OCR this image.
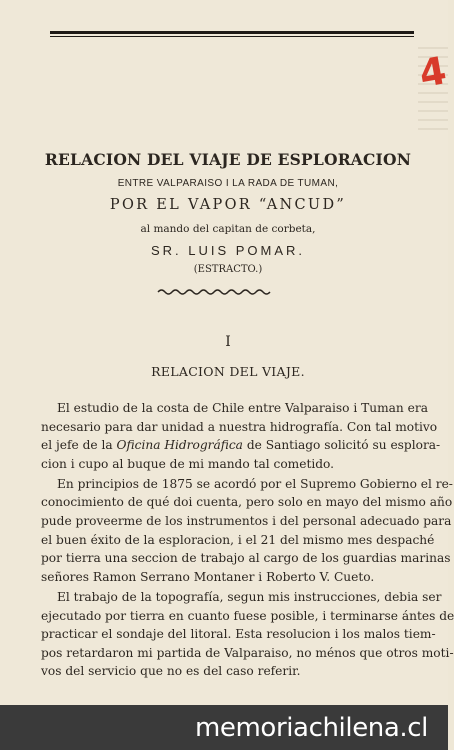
4
RELACION DEL VIAJE DE ESPLORACION
ENTRE VALPARAISO I LA RADA DE TUMAN,
POR EL VAPOR “ANCUD”
al mando del capitan de corbeta,
SR. LUIS POMAR.
(ESTRACTO.)
I
RELACION DEL VIAJE.
El estudio de la costa de Chile entre Valparaiso i Tuman era
necesario para dar unidad a nuestra hidrografía. Con tal motivo
el jefe de la Oficina Hidrográfica de Santiago solicitó su esplora-
cion i cupo al buque de mi mando tal cometido.
En principios de 1875 se acordó por el Supremo Gobierno el re-
conocimiento de qué doi cuenta, pero solo en mayo del mismo año
pude proveerme de los instrumentos i del personal adecuado para
el buen éxito de la esploracion, i el 21 del mismo mes despaché
por tierra una seccion de trabajo al cargo de los guardias marinas
señores Ramon Serrano Montaner i Roberto V. Cueto.
El trabajo de la topografía, segun mis instrucciones, debia ser
ejecutado por tierra en cuanto fuese posible, i terminarse ántes de
practicar el sondaje del litoral. Esta resolucion i los malos tiem-
pos retardaron mi partida de Valparaiso, no ménos que otros moti-
vos del servicio que no es del caso referir.
memoriachilena.cl
